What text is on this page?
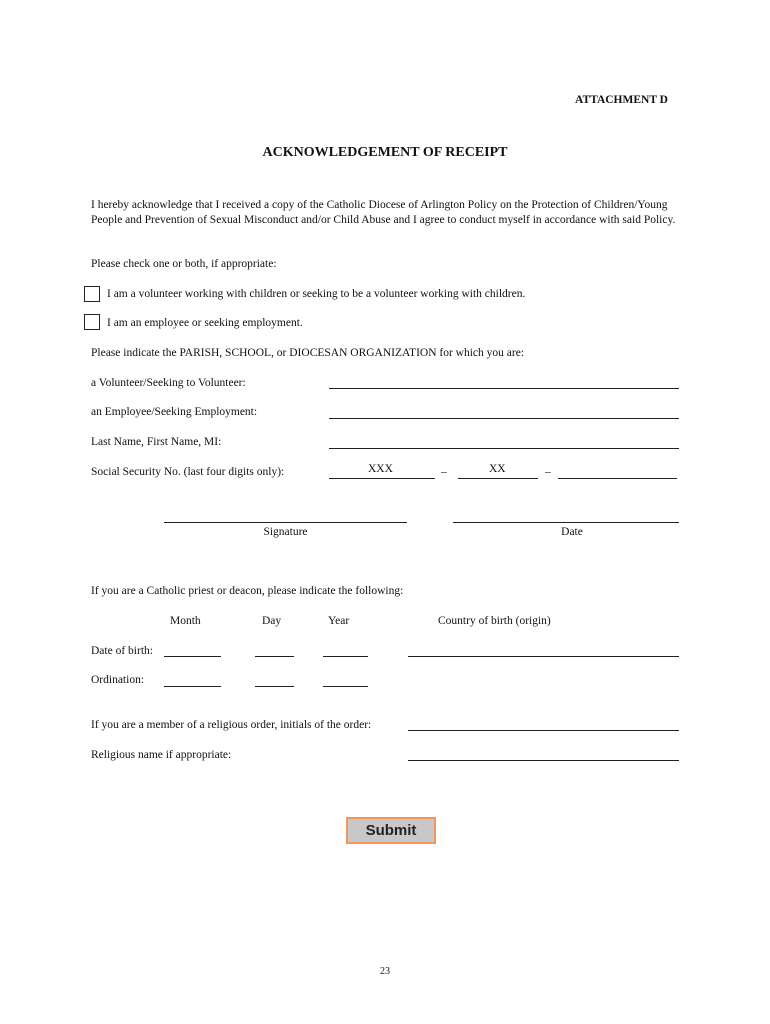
ATTACHMENT D
ACKNOWLEDGEMENT OF RECEIPT
I hereby acknowledge that I received a copy of the Catholic Diocese of Arlington Policy on the Protection of Children/Young People and Prevention of Sexual Misconduct and/or Child Abuse and I agree to conduct myself in accordance with said Policy.
Please check one or both, if appropriate:
I am a volunteer working with children or seeking to be a volunteer working with children.
I am an employee or seeking employment.
Please indicate the PARISH, SCHOOL, or DIOCESAN ORGANIZATION for which you are:
a Volunteer/Seeking to Volunteer:
an Employee/Seeking Employment:
Last Name, First Name, MI:
Social Security No. (last four digits only):	XXX	–	XX	–
Signature	Date
If you are a Catholic priest or deacon, please indicate the following:
Month	Day	Year	Country of birth (origin)
Date of birth:
Ordination:
If you are a member of a religious order, initials of the order:
Religious name if appropriate:
Submit
23
